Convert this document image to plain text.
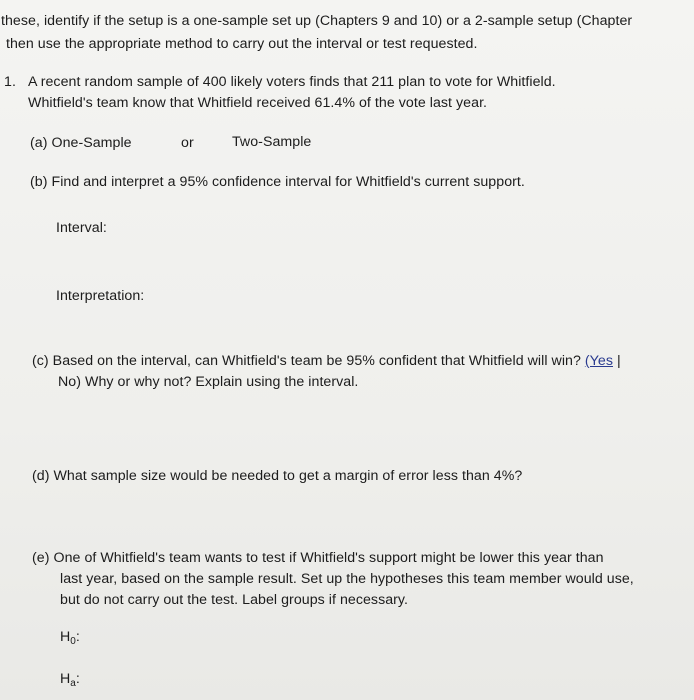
these, identify if the setup is a one-sample set up (Chapters 9 and 10) or a 2-sample setup (Chapter
then use the appropriate method to carry out the interval or test requested.
1. A recent random sample of 400 likely voters finds that 211 plan to vote for Whitfield.
Whitfield's team know that Whitfield received 61.4% of the vote last year.
(a) One-Sample	or	Two-Sample
(b) Find and interpret a 95% confidence interval for Whitfield's current support.
Interval:
Interpretation:
(c) Based on the interval, can Whitfield's team be 95% confident that Whitfield will win? (Yes |
No) Why or why not? Explain using the interval.
(d) What sample size would be needed to get a margin of error less than 4%?
(e) One of Whitfield's team wants to test if Whitfield's support might be lower this year than
last year, based on the sample result. Set up the hypotheses this team member would use,
but do not carry out the test. Label groups if necessary.
$H_0$:
$H_a$:
